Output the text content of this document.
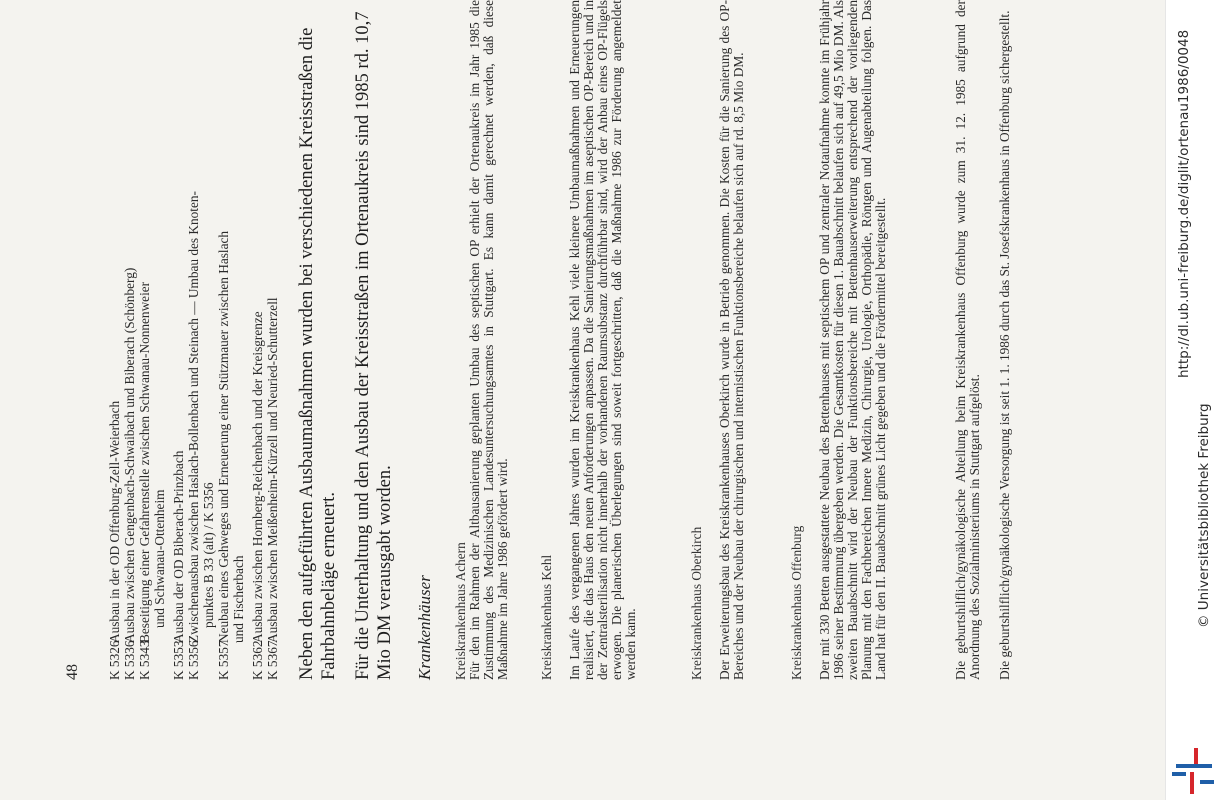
K 5326
Ausbau in der OD Offenburg-Zell-Weierbach
K 5336
Ausbau zwischen Gengenbach-Schwaibach und Biberach (Schönberg)
K 5343
Beseitigung einer Gefahrenstelle zwischen Schwanau-Nonnenweier und Schwanau-Ottenheim
K 5353
Ausbau der OD Biberach-Prinzbach
K 5356
Zwischenausbau zwischen Haslach-Bollenbach und Steinach — Umbau des Knoten- punktes B 33 (alt) / K 5356
K 5357
Neubau eines Gehweges und Erneuerung einer Stützmauer zwischen Haslach und Fischerbach
K 5362
Ausbau zwischen Hornberg-Reichenbach und der Kreisgrenze
K 5367
Ausbau zwischen Meißenheim-Kürzell und Neuried-Schutterzell Neben den aufgeführten Ausbaumaßnahmen wurden bei verschiedenen Kreisstraßen die Fahrbahnbeläge erneuert. Für die Unterhaltung und den Ausbau der Kreisstraßen im Ortenaukreis sind 1985 rd. 10,7 Mio DM verausgabt worden. Krankenhäuser Kreiskrankenhaus Achern Für den im Rahmen der Altbausanierung geplanten Umbau des septischen OP erhielt der Ortenaukreis im Jahr 1985 die Zustimmung des Medizinischen Landesuntersuchungsamtes in Stuttgart. Es kann damit gerechnet werden, daß diese Maßnahme im Jahre 1986 gefördert wird. Kreiskrankenhaus Kehl Im Laufe des vergangenen Jahres wurden im Kreiskrankenhaus Kehl viele kleinere Umbaumaßnahmen und Erneuerungen realisiert, die das Haus den neuen Anforderungen anpassen. Da die Sanierungsmaßnahmen im aseptischen OP-Bereich und in der Zentralsterilisation nicht innerhalb der vorhandenen Raumsubstanz durchführbar sind, wird der Anbau eines OP-Flügels erwogen. Die planerischen Überlegungen sind soweit fortgeschritten, daß die Maßnahme 1986 zur Förderung angemeldet werden kann.	Kreiskrankenhaus Oberkirch Der Erweiterungsbau des Kreiskrankenhauses Oberkirch wurde in Betrieb genommen. Die Kosten für die Sanierung des OP-Bereiches und der Neubau der chirurgischen und internistischen Funktionsbereiche belaufen sich auf rd. 8,5 Mio DM.	Kreiskrankenhaus Offenburg Der mit 330 Betten ausgestattete Neubau des Bettenhauses mit septischem OP und zentraler Notaufnahme konnte im Frühjahr 1986 seiner Bestimmung übergeben werden. Die Gesamtkosten für diesen 1. Bauabschnitt belaufen sich auf 49,5 Mio DM. Als zweiten Bauabschnitt wird der Neubau der Funktionsbereiche mit Bettenhauserweiterung entsprechend der vorliegenden Planung mit den Fachbereichen Innere Medizin, Chirurgie, Urologie, Orthopädie, Röntgen und Augenabteilung folgen. Das Land hat für den II. Bauabschnitt grünes Licht gegeben und die Fördermittel bereitgestellt.	Die geburtshilflich/gynäkologische Abteilung beim Kreiskrankenhaus Offenburg wurde zum 31. 12. 1985 aufgrund der Anordnung des Sozialministeriums in Stuttgart aufgelöst. Die geburtshilflich/gynäkologische Versorgung ist seit 1. 1. 1986 durch das St. Josefskrankenhaus in Offenburg sichergestellt.
48
http://dl.ub.uni-freiburg.de/diglit/ortenau1986/0048
© Universitätsbibliothek Freiburg
